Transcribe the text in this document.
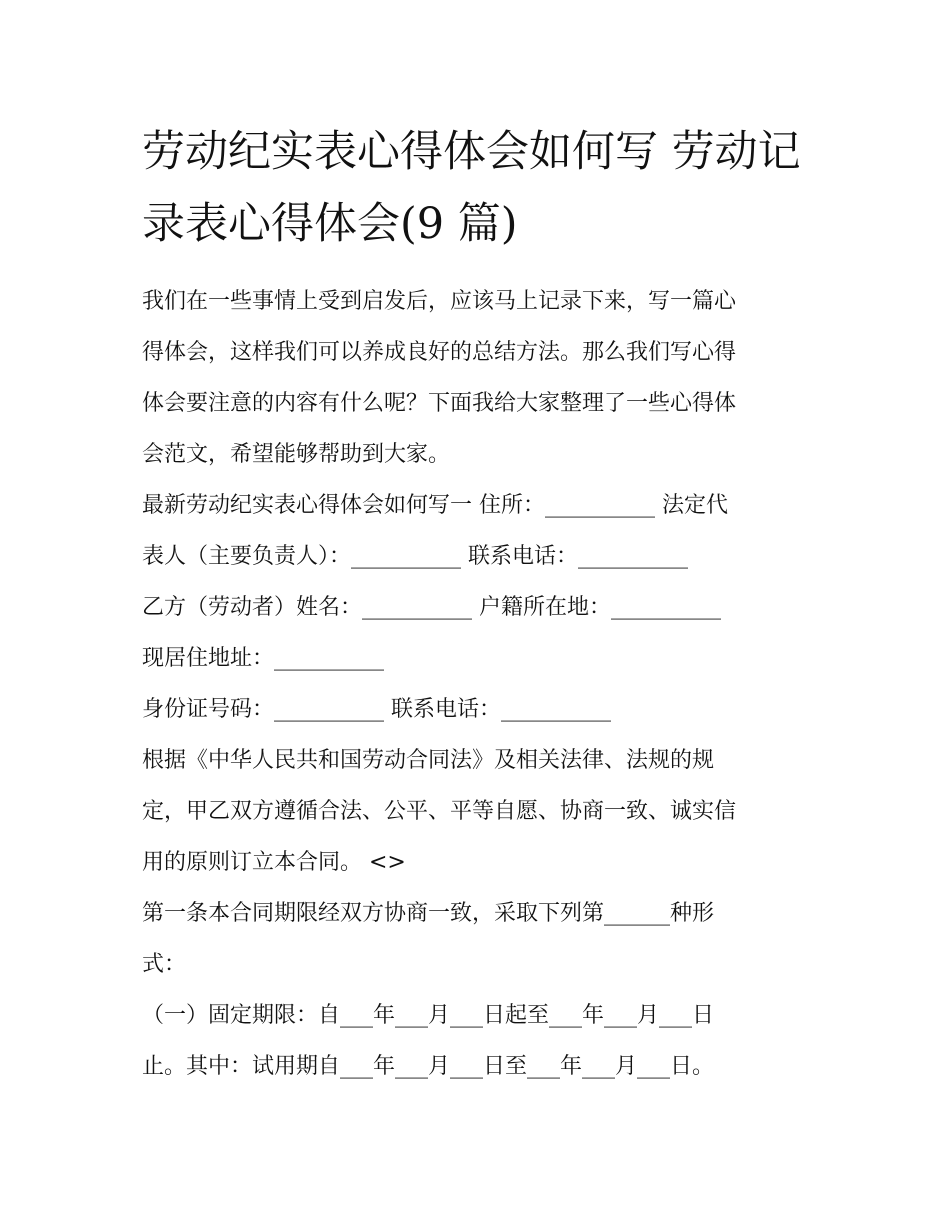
劳动纪实表心得体会如何写 劳动记录表心得体会(9 篇)

我们在一些事情上受到启发后，应该马上记录下来，写一篇心
得体会，这样我们可以养成良好的总结方法。那么我们写心得
体会要注意的内容有什么呢？下面我给大家整理了一些心得体
会范文，希望能够帮助到大家。

最新劳动纪实表心得体会如何写一 住所：__________ 法定代
表人（主要负责人）：__________ 联系电话：__________

乙方（劳动者）姓名：__________ 户籍所在地：__________

现居住地址：__________

身份证号码：__________ 联系电话：__________

根据《中华人民共和国劳动合同法》及相关法律、法规的规
定，甲乙双方遵循合法、公平、平等自愿、协商一致、诚实信
用的原则订立本合同。 <>

第一条本合同期限经双方协商一致，采取下列第______种形
式：

（一）固定期限：自___年___月___日起至___年___月___日
止。其中：试用期自___年___月___日至___年___月___日。
